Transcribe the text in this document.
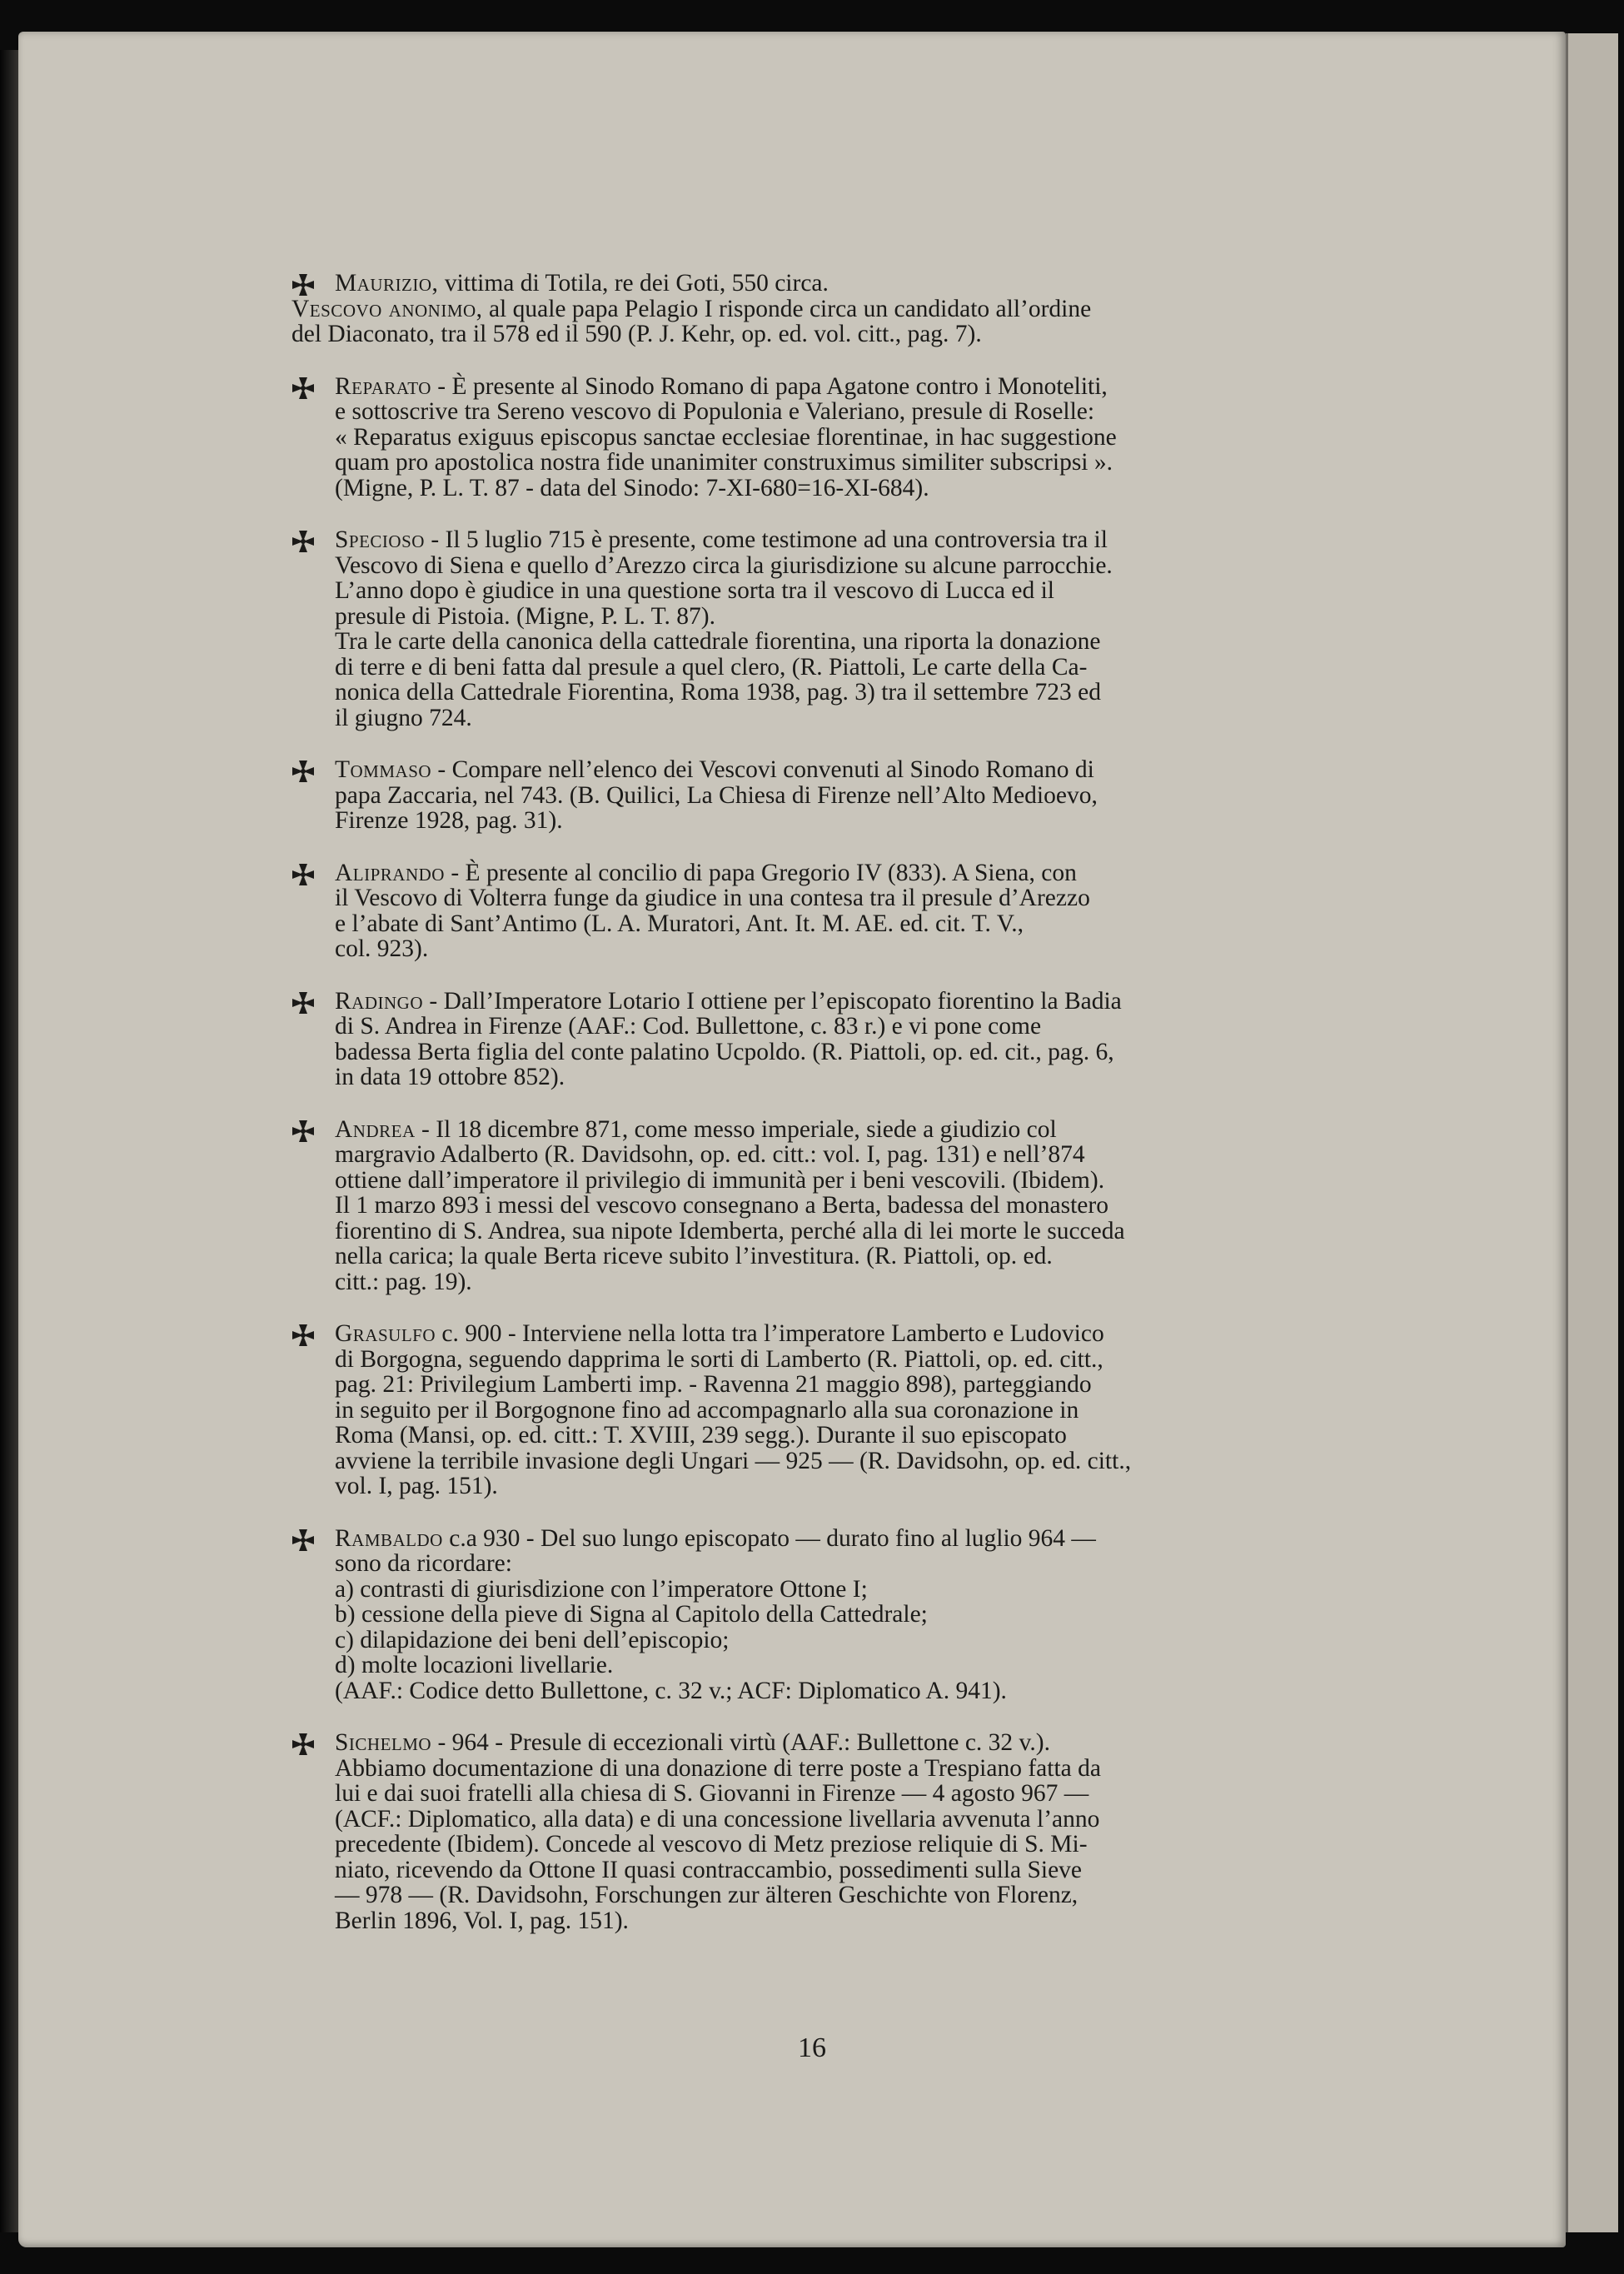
Maurizio, vittima di Totila, re dei Goti, 550 circa.
Vescovo anonimo, al quale papa Pelagio I risponde circa un candidato all’ordine
del Diaconato, tra il 578 ed il 590 (P. J. Kehr, op. ed. vol. citt., pag. 7).
Reparato - È presente al Sinodo Romano di papa Agatone contro i Monoteliti,
e sottoscrive tra Sereno vescovo di Populonia e Valeriano, presule di Roselle:
« Reparatus exiguus episcopus sanctae ecclesiae florentinae, in hac suggestione
quam pro apostolica nostra fide unanimiter construximus similiter subscripsi ».
(Migne, P. L. T. 87 - data del Sinodo: 7-XI-680=16-XI-684).
Specioso - Il 5 luglio 715 è presente, come testimone ad una controversia tra il
Vescovo di Siena e quello d’Arezzo circa la giurisdizione su alcune parrocchie.
L’anno dopo è giudice in una questione sorta tra il vescovo di Lucca ed il
presule di Pistoia. (Migne, P. L. T. 87).
Tra le carte della canonica della cattedrale fiorentina, una riporta la donazione
di terre e di beni fatta dal presule a quel clero, (R. Piattoli, Le carte della Ca-
nonica della Cattedrale Fiorentina, Roma 1938, pag. 3) tra il settembre 723 ed
il giugno 724.
Tommaso - Compare nell’elenco dei Vescovi convenuti al Sinodo Romano di
papa Zaccaria, nel 743. (B. Quilici, La Chiesa di Firenze nell’Alto Medioevo,
Firenze 1928, pag. 31).
Aliprando - È presente al concilio di papa Gregorio IV (833). A Siena, con
il Vescovo di Volterra funge da giudice in una contesa tra il presule d’Arezzo
e l’abate di Sant’Antimo (L. A. Muratori, Ant. It. M. AE. ed. cit. T. V.,
col. 923).
Radingo - Dall’Imperatore Lotario I ottiene per l’episcopato fiorentino la Badia
di S. Andrea in Firenze (AAF.: Cod. Bullettone, c. 83 r.) e vi pone come
badessa Berta figlia del conte palatino Ucpoldo. (R. Piattoli, op. ed. cit., pag. 6,
in data 19 ottobre 852).
Andrea - Il 18 dicembre 871, come messo imperiale, siede a giudizio col
margravio Adalberto (R. Davidsohn, op. ed. citt.: vol. I, pag. 131) e nell’874
ottiene dall’imperatore il privilegio di immunità per i beni vescovili. (Ibidem).
Il 1 marzo 893 i messi del vescovo consegnano a Berta, badessa del monastero
fiorentino di S. Andrea, sua nipote Idemberta, perché alla di lei morte le succeda
nella carica; la quale Berta riceve subito l’investitura. (R. Piattoli, op. ed.
citt.: pag. 19).
Grasulfo c. 900 - Interviene nella lotta tra l’imperatore Lamberto e Ludovico
di Borgogna, seguendo dapprima le sorti di Lamberto (R. Piattoli, op. ed. citt.,
pag. 21: Privilegium Lamberti imp. - Ravenna 21 maggio 898), parteggiando
in seguito per il Borgognone fino ad accompagnarlo alla sua coronazione in
Roma (Mansi, op. ed. citt.: T. XVIII, 239 segg.). Durante il suo episcopato
avviene la terribile invasione degli Ungari — 925 — (R. Davidsohn, op. ed. citt.,
vol. I, pag. 151).
Rambaldo c.a 930 - Del suo lungo episcopato — durato fino al luglio 964 —
sono da ricordare:
a) contrasti di giurisdizione con l’imperatore Ottone I;
b) cessione della pieve di Signa al Capitolo della Cattedrale;
c) dilapidazione dei beni dell’episcopio;
d) molte locazioni livellarie.
(AAF.: Codice detto Bullettone, c. 32 v.; ACF: Diplomatico A. 941).
Sichelmo - 964 - Presule di eccezionali virtù (AAF.: Bullettone c. 32 v.).
Abbiamo documentazione di una donazione di terre poste a Trespiano fatta da
lui e dai suoi fratelli alla chiesa di S. Giovanni in Firenze — 4 agosto 967 —
(ACF.: Diplomatico, alla data) e di una concessione livellaria avvenuta l’anno
precedente (Ibidem). Concede al vescovo di Metz preziose reliquie di S. Mi-
niato, ricevendo da Ottone II quasi contraccambio, possedimenti sulla Sieve
— 978 — (R. Davidsohn, Forschungen zur älteren Geschichte von Florenz,
Berlin 1896, Vol. I, pag. 151).
16
